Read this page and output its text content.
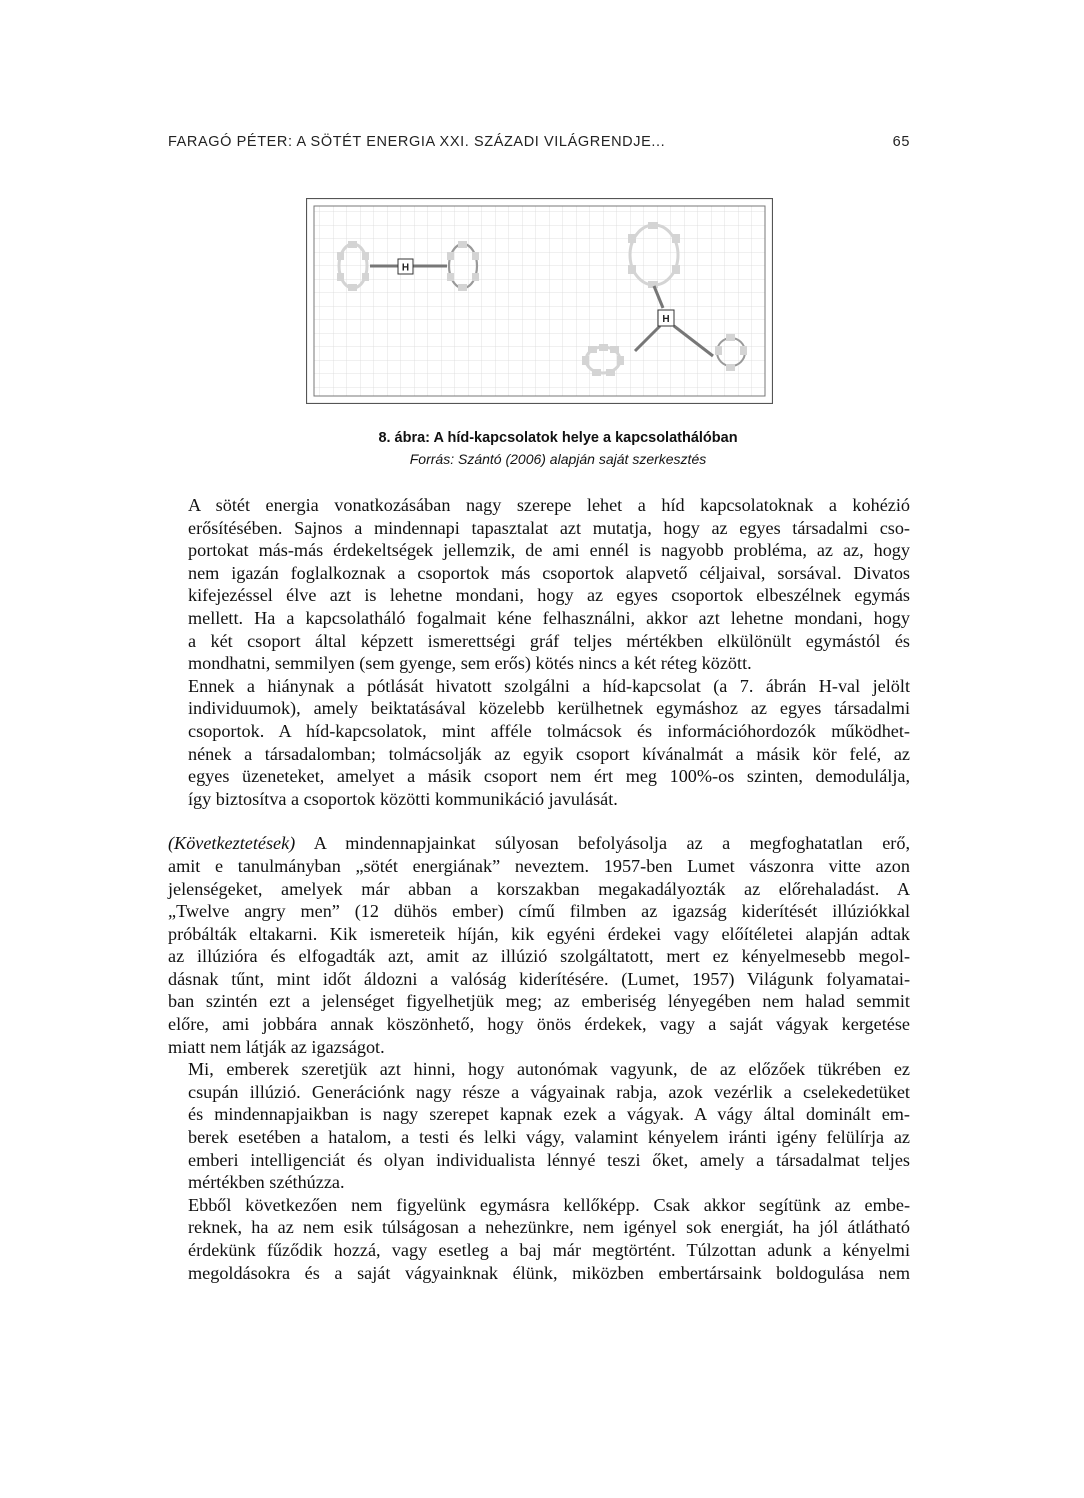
FARAGÓ PÉTER: A SÖTÉT ENERGIA XXI. SZÁZADI VILÁGRENDJE...	65
H
H
8. ábra: A híd-kapcsolatok helye a kapcsolathálóban
Forrás: Szántó (2006) alapján saját szerkesztés

A sötét energia vonatkozásában nagy szerepe lehet a híd kapcsolatoknak a kohézió
erősítésében. Sajnos a mindennapi tapasztalat azt mutatja, hogy az egyes társadalmi cso-
portokat más-más érdekeltségek jellemzik, de ami ennél is nagyobb probléma, az az, hogy
nem igazán foglalkoznak a csoportok más csoportok alapvető céljaival, sorsával. Divatos
kifejezéssel élve azt is lehetne mondani, hogy az egyes csoportok elbeszélnek egymás
mellett. Ha a kapcsolatháló fogalmait kéne felhasználni, akkor azt lehetne mondani, hogy
a két csoport által képzett ismerettségi gráf teljes mértékben elkülönült egymástól és
mondhatni, semmilyen (sem gyenge, sem erős) kötés nincs a két réteg között.

Ennek a hiánynak a pótlását hivatott szolgálni a híd-kapcsolat (a 7. ábrán H-val jelölt
individuumok), amely beiktatásával közelebb kerülhetnek egymáshoz az egyes társadalmi
csoportok. A híd-kapcsolatok, mint afféle tolmácsok és információhordozók működhet-
nének a társadalomban; tolmácsolják az egyik csoport kívánalmát a másik kör felé, az
egyes üzeneteket, amelyet a másik csoport nem ért meg 100%-os szinten, demodulálja,
így biztosítva a csoportok közötti kommunikáció javulását.

(Következtetések) A mindennapjainkat súlyosan befolyásolja az a megfoghatatlan erő,
amit e tanulmányban „sötét energiának” neveztem. 1957-ben Lumet vászonra vitte azon
jelenségeket, amelyek már abban a korszakban megakadályozták az előrehaladást. A
„Twelve angry men” (12 dühös ember) című filmben az igazság kiderítését illúziókkal
próbálták eltakarni. Kik ismereteik híján, kik egyéni érdekei vagy előítéletei alapján adtak
az illúzióra és elfogadták azt, amit az illúzió szolgáltatott, mert ez kényelmesebb megol-
dásnak tűnt, mint időt áldozni a valóság kiderítésére. (Lumet, 1957) Világunk folyamatai-
ban szintén ezt a jelenséget figyelhetjük meg; az emberiség lényegében nem halad semmit
előre, ami jobbára annak köszönhető, hogy önös érdekek, vagy a saját vágyak kergetése
miatt nem látják az igazságot.

Mi, emberek szeretjük azt hinni, hogy autonómak vagyunk, de az előzőek tükrében ez
csupán illúzió. Generációnk nagy része a vágyainak rabja, azok vezérlik a cselekedetüket
és mindennapjaikban is nagy szerepet kapnak ezek a vágyak. A vágy által dominált em-
berek esetében a hatalom, a testi és lelki vágy, valamint kényelem iránti igény felülírja az
emberi intelligenciát és olyan individualista lénnyé teszi őket, amely a társadalmat teljes
mértékben széthúzza.

Ebből következően nem figyelünk egymásra kellőképp. Csak akkor segítünk az embe-
reknek, ha az nem esik túlságosan a nehezünkre, nem igényel sok energiát, ha jól átlátható
érdekünk fűződik hozzá, vagy esetleg a baj már megtörtént. Túlzottan adunk a kényelmi
megoldásokra és a saját vágyainknak élünk, miközben embertársaink boldogulása nem
